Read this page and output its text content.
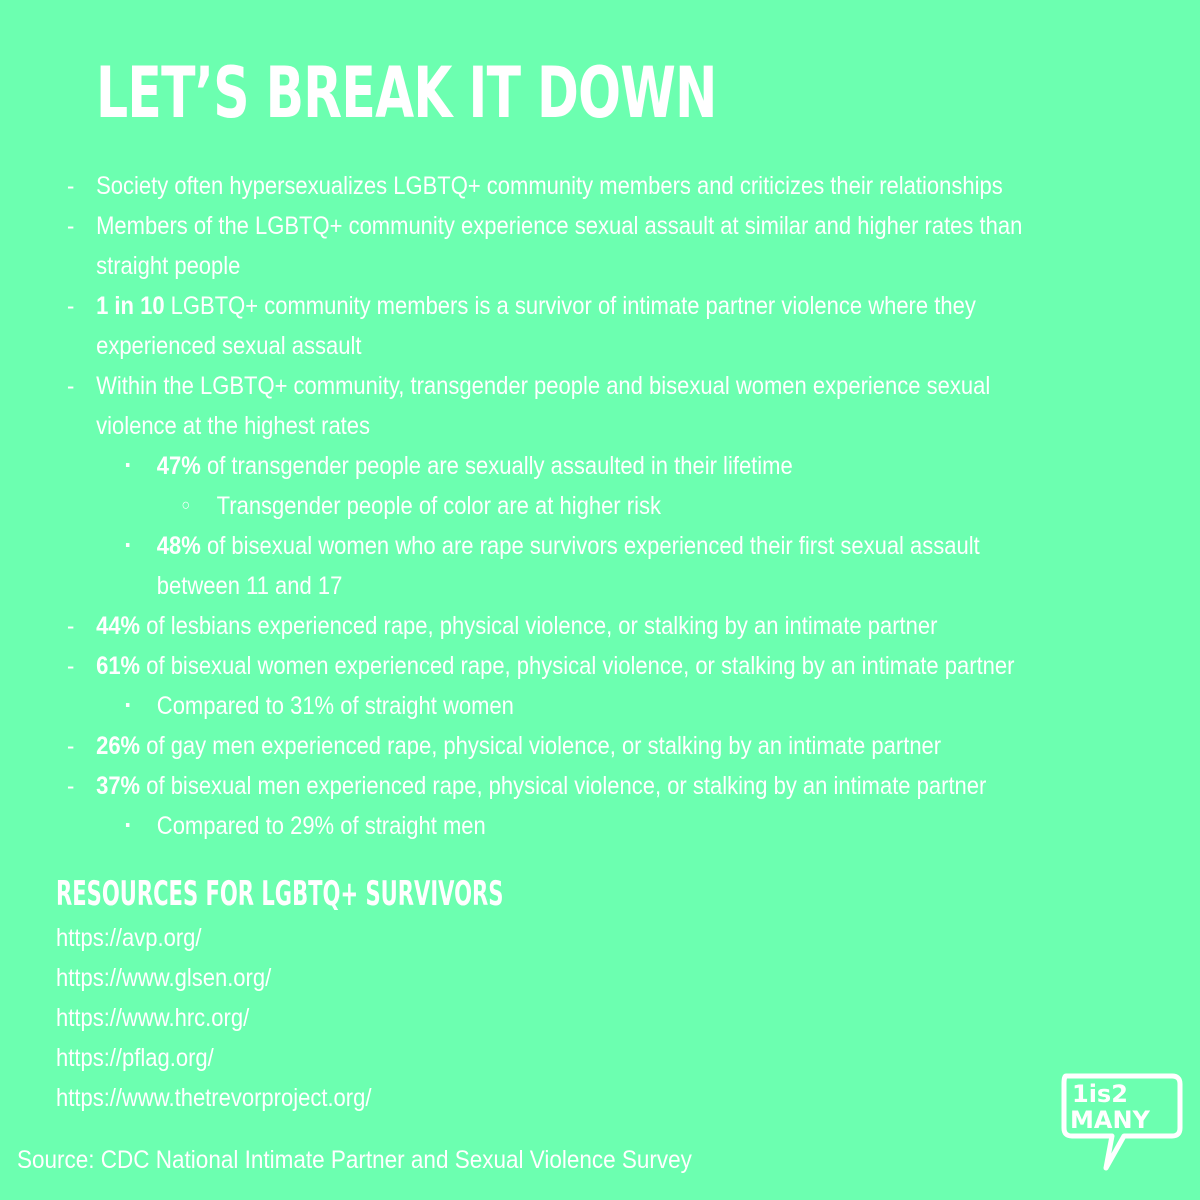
LET’S BREAK IT DOWN
- Society often hypersexualizes LGBTQ+ community members and criticizes their relationships
- Members of the LGBTQ+ community experience sexual assault at similar and higher rates than
straight people
- 1 in 10 LGBTQ+ community members is a survivor of intimate partner violence where they
experienced sexual assault
- Within the LGBTQ+ community, transgender people and bisexual women experience sexual
violence at the highest rates
▪ 47% of transgender people are sexually assaulted in their lifetime
○ Transgender people of color are at higher risk
▪ 48% of bisexual women who are rape survivors experienced their first sexual assault
between 11 and 17
- 44% of lesbians experienced rape, physical violence, or stalking by an intimate partner
- 61% of bisexual women experienced rape, physical violence, or stalking by an intimate partner
▪ Compared to 31% of straight women
- 26% of gay men experienced rape, physical violence, or stalking by an intimate partner
- 37% of bisexual men experienced rape, physical violence, or stalking by an intimate partner
▪ Compared to 29% of straight men
RESOURCES FOR LGBTQ+ SURVIVORS
https://avp.org/
https://www.glsen.org/
https://www.hrc.org/
https://pflag.org/
https://www.thetrevorproject.org/
Source: CDC National Intimate Partner and Sexual Violence Survey
1is2
MANY
